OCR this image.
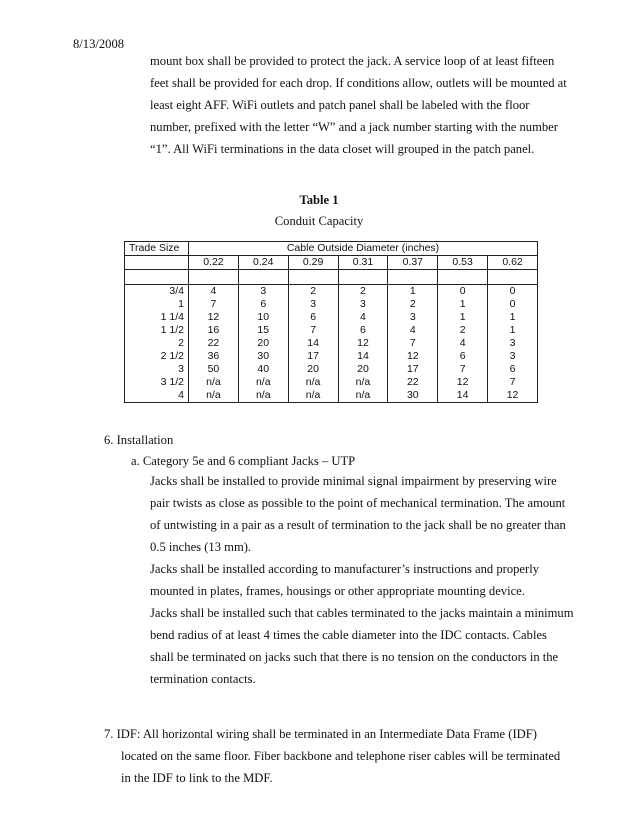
8/13/2008
mount box shall be provided to protect the jack. A service loop of at least fifteen
feet shall be provided for each drop. If conditions allow, outlets will be mounted at
least eight AFF. WiFi outlets and patch panel shall be labeled with the floor
number, prefixed with the letter “W” and a jack number starting with the number
“1”. All WiFi terminations in the data closet will grouped in the patch panel.
Table 1
Conduit Capacity
Trade Size	Cable Outside Diameter (inches)						
	0.22	0.24	0.29	0.31	0.37	0.53	0.62

3/4	4	3	2	2	1	0	0
1	7	6	3	3	2	1	0
1 1/4	12	10	6	4	3	1	1
1 1/2	16	15	7	6	4	2	1
2	22	20	14	12	7	4	3
2 1/2	36	30	17	14	12	6	3
3	50	40	20	20	17	7	6
3 1/2	n/a	n/a	n/a	n/a	22	12	7
4	n/a	n/a	n/a	n/a	30	14	12
6. Installation
a. Category 5e and 6 compliant Jacks – UTP
Jacks shall be installed to provide minimal signal impairment by preserving wire
pair twists as close as possible to the point of mechanical termination. The amount
of untwisting in a pair as a result of termination to the jack shall be no greater than
0.5 inches (13 mm).
Jacks shall be installed according to manufacturer’s instructions and properly
mounted in plates, frames, housings or other appropriate mounting device.
Jacks shall be installed such that cables terminated to the jacks maintain a minimum
bend radius of at least 4 times the cable diameter into the IDC contacts. Cables
shall be terminated on jacks such that there is no tension on the conductors in the
termination contacts.
7. IDF: All horizontal wiring shall be terminated in an Intermediate Data Frame (IDF)
located on the same floor. Fiber backbone and telephone riser cables will be terminated
in the IDF to link to the MDF.
